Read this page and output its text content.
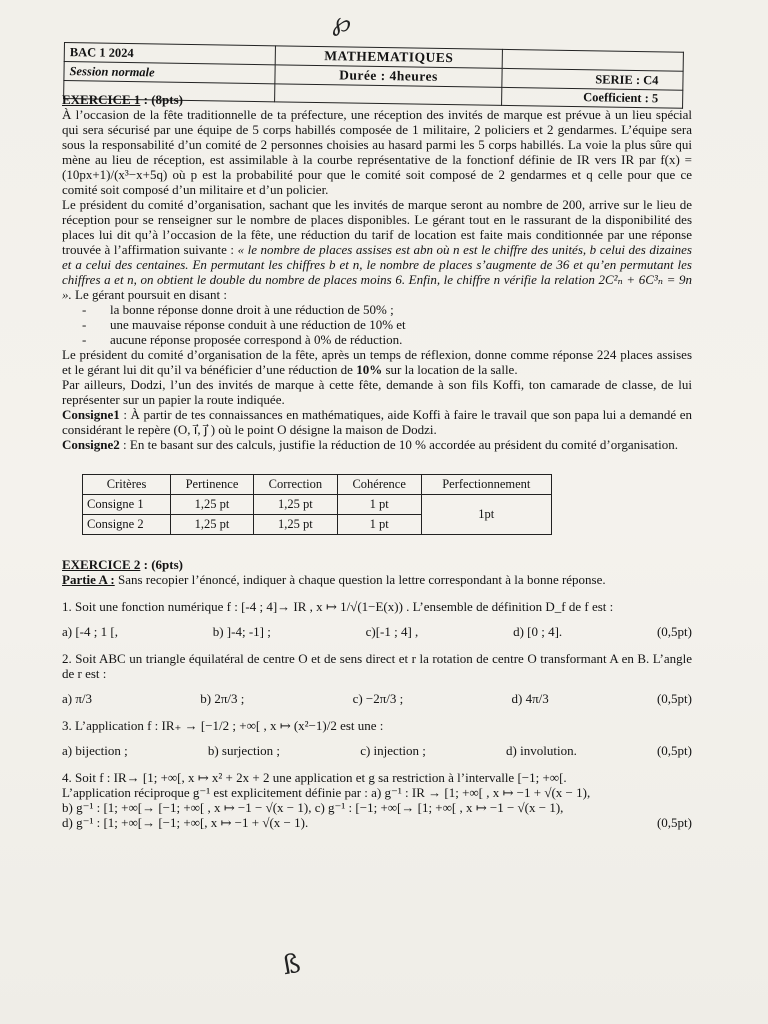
℘
BAC 1 2024	MATHEMATIQUES	
Session normale	Durée : 4heures	SERIE : C4
		Coefficient : 5
EXERCICE 1 : (8pts)

À l’occasion de la fête traditionnelle de ta préfecture, une réception des invités de marque est prévue à un lieu spécial qui sera sécurisé par une équipe de 5 corps habillés composée de 1 militaire, 2 policiers et 2 gendarmes. L’équipe sera sous la responsabilité d’un comité de 2 personnes choisies au hasard parmi les 5 corps habillés. La voie la plus sûre qui mène au lieu de réception, est assimilable à la courbe représentative de la fonctionf définie de IR vers IR par f(x) = (10px+1)/(x³−x+5q) où p est la probabilité pour que le comité soit composé de 2 gendarmes et q celle pour que ce comité soit composé d’un militaire et d’un policier.

Le président du comité d’organisation, sachant que les invités de marque seront au nombre de 200, arrive sur le lieu de réception pour se renseigner sur le nombre de places disponibles. Le gérant tout en le rassurant de la disponibilité des places lui dit qu’à l’occasion de la fête, une réduction du tarif de location est faite mais conditionnée par une réponse trouvée à l’affirmation suivante : « le nombre de places assises est abn où n est le chiffre des unités, b celui des dizaines et a celui des centaines. En permutant les chiffres b et n, le nombre de places s’augmente de 36 et qu’en permutant les chiffres a et n, on obtient le double du nombre de places moins 6. Enfin, le chiffre n vérifie la relation 2C²ₙ + 6C³ₙ = 9n ». Le gérant poursuit en disant :

- la bonne réponse donne droit à une réduction de 50% ;
- une mauvaise réponse conduit à une réduction de 10% et
- aucune réponse proposée correspond à 0% de réduction.

Le président du comité d’organisation de la fête, après un temps de réflexion, donne comme réponse 224 places assises et le gérant lui dit qu’il va bénéficier d’une réduction de 10% sur la location de la salle.

Par ailleurs, Dodzi, l’un des invités de marque à cette fête, demande à son fils Koffi, ton camarade de classe, de lui représenter sur un papier la route indiquée.

Consigne1 : À partir de tes connaissances en mathématiques, aide Koffi à faire le travail que son papa lui a demandé en considérant le repère (O, i⃗, j⃗ ) où le point O désigne la maison de Dodzi.

Consigne2 : En te basant sur des calculs, justifie la réduction de 10 % accordée au président du comité d’organisation.

Critères	Pertinence	Correction	Cohérence	Perfectionnement
Consigne 1	1,25 pt	1,25 pt	1 pt	1pt
Consigne 2	1,25 pt	1,25 pt	1 pt	
EXERCICE 2 : (6pts)

Partie A : Sans recopier l’énoncé, indiquer à chaque question la lettre correspondant à la bonne réponse.

1. Soit une fonction numérique f : [-4 ; 4]→ IR , x ↦ 1/√(1−E(x)) . L’ensemble de définition D_f de f est :

a) [-4 ; 1 [,	b) ]-4; -1] ;	c)[-1 ; 4] ,	d) [0 ; 4].	(0,5pt)

2. Soit ABC un triangle équilatéral de centre O et de sens direct et r la rotation de centre O transformant A en B. L’angle de r est :

a) π/3	b) 2π/3 ;	c) −2π/3 ;	d) 4π/3	(0,5pt)

3. L’application f : IR₊ → [−1/2 ; +∞[ , x ↦ (x²−1)/2 est une :

a) bijection ;	b) surjection ;	c) injection ;	d) involution.	(0,5pt)

4. Soit f : IR→ [1; +∞[, x ↦ x² + 2x + 2 une application et g sa restriction à l’intervalle [−1; +∞[.

L’application réciproque g⁻¹ est explicitement définie par : a) g⁻¹ : IR → [1; +∞[ , x ↦ −1 + √(x − 1),

b) g⁻¹ : [1; +∞[→ [−1; +∞[ , x ↦ −1 − √(x − 1), c) g⁻¹ : [−1; +∞[→ [1; +∞[ , x ↦ −1 − √(x − 1),

d) g⁻¹ : [1; +∞[→ [−1; +∞[, x ↦ −1 + √(x − 1).	(0,5pt)
ß
